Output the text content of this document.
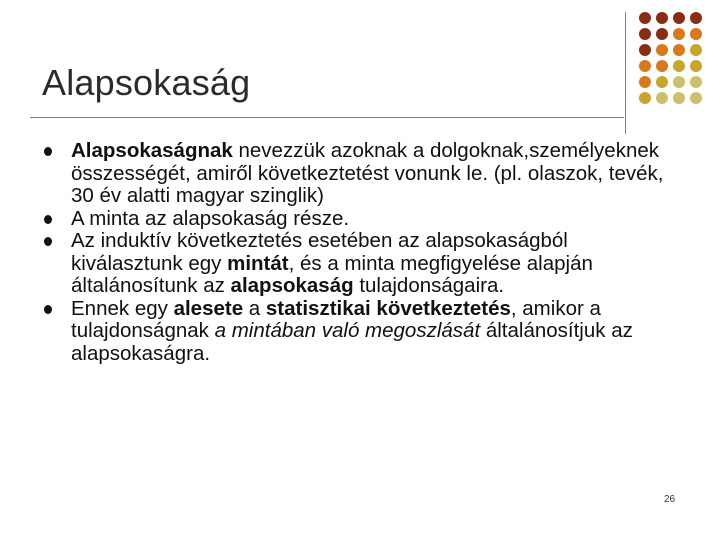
Alapsokaság
Alapsokaságnak nevezzük azoknak a dolgoknak,személyeknek összességét, amiről következtetést vonunk le. (pl. olaszok, tevék, 30 év alatti magyar szinglik)
A minta az alapsokaság része.
Az induktív következtetés esetében az alapsokaságból kiválasztunk egy mintát, és a minta megfigyelése alapján általánosítunk az alapsokaság tulajdonságaira.
Ennek egy alesete a statisztikai következtetés, amikor a tulajdonságnak a mintában való megoszlását általánosítjuk az alapsokaságra.
26
